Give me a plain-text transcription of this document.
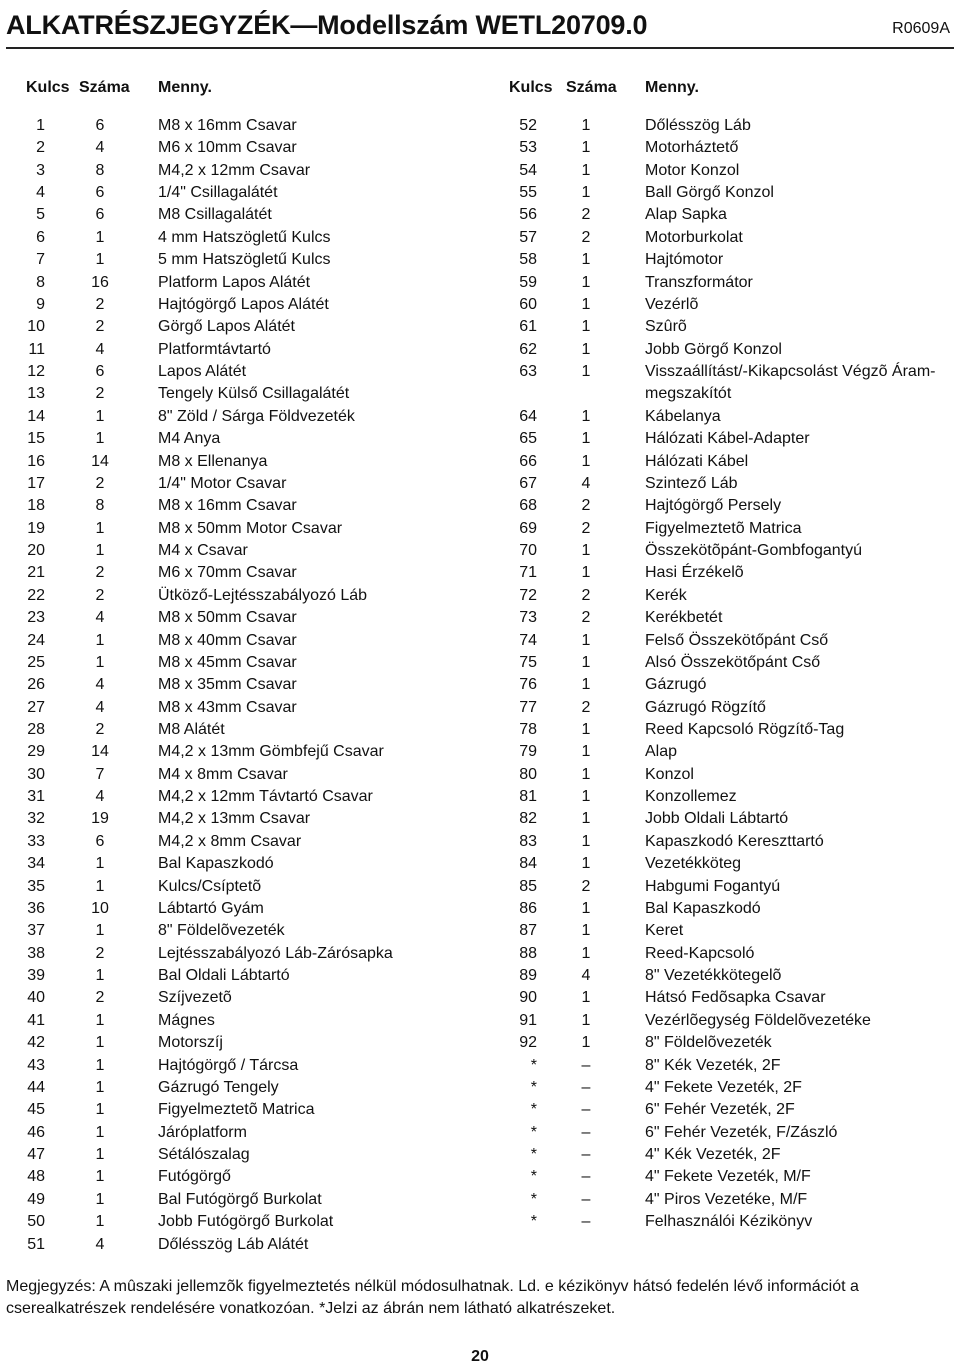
ALKATRÉSZJEGYZÉK—Modellszám WETL20709.0	R0609A
Kulcs Száma Menny.	Kulcs Száma Menny.
1	6	M8 x 16mm Csavar
2	4	M6 x 10mm Csavar
3	8	M4,2 x 12mm Csavar
4	6	1/4" Csillagalátét
5	6	M8 Csillagalátét
6	1	4 mm Hatszögletű Kulcs
7	1	5 mm Hatszögletű Kulcs
8	16	Platform Lapos Alátét
9	2	Hajtógörgő Lapos Alátét
10	2	Görgő Lapos Alátét
11	4	Platformtávtartó
12	6	Lapos Alátét
13	2	Tengely Külső Csillagalátét
14	1	8" Zöld / Sárga Földvezeték
15	1	M4 Anya
16	14	M8 x Ellenanya
17	2	1/4" Motor Csavar
18	8	M8 x 16mm Csavar
19	1	M8 x 50mm Motor Csavar
20	1	M4 x Csavar
21	2	M6 x 70mm Csavar
22	2	Ütköző-Lejtésszabályozó Láb
23	4	M8 x 50mm Csavar
24	1	M8 x 40mm Csavar
25	1	M8 x 45mm Csavar
26	4	M8 x 35mm Csavar
27	4	M8 x 43mm Csavar
28	2	M8 Alátét
29	14	M4,2 x 13mm Gömbfejű Csavar
30	7	M4 x 8mm Csavar
31	4	M4,2 x 12mm Távtartó Csavar
32	19	M4,2 x 13mm Csavar
33	6	M4,2 x 8mm Csavar
34	1	Bal Kapaszkodó
35	1	Kulcs/Csíptetõ
36	10	Lábtartó Gyám
37	1	8" Földelõvezeték
38	2	Lejtésszabályozó Láb-Zárósapka
39	1	Bal Oldali Lábtartó
40	2	Szíjvezetõ
41	1	Mágnes
42	1	Motorszíj
43	1	Hajtógörgő / Tárcsa
44	1	Gázrugó Tengely
45	1	Figyelmeztetõ Matrica
46	1	Járóplatform
47	1	Sétálószalag
48	1	Futógörgő
49	1	Bal Futógörgő Burkolat
50	1	Jobb Futógörgő Burkolat
51	4	Dőlésszög Láb Alátét
52	1	Dőlésszög Láb
53	1	Motorháztető
54	1	Motor Konzol
55	1	Ball Görgő Konzol
56	2	Alap Sapka
57	2	Motorburkolat
58	1	Hajtómotor
59	1	Transzformátor
60	1	Vezérlõ
61	1	Szûrõ
62	1	Jobb Görgő Konzol
63	1	Visszaállítást/-Kikapcsolást Végzõ Áram-
megszakítót
64	1	Kábelanya
65	1	Hálózati Kábel-Adapter
66	1	Hálózati Kábel
67	4	Szintező Láb
68	2	Hajtógörgő Persely
69	2	Figyelmeztetõ Matrica
70	1	Összekötõpánt-Gombfogantyú
71	1	Hasi Érzékelõ
72	2	Kerék
73	2	Kerékbetét
74	1	Felső Összekötőpánt Cső
75	1	Alsó Összekötőpánt Cső
76	1	Gázrugó
77	2	Gázrugó Rögzítő
78	1	Reed Kapcsoló Rögzítő-Tag
79	1	Alap
80	1	Konzol
81	1	Konzollemez
82	1	Jobb Oldali Lábtartó
83	1	Kapaszkodó Kereszttartó
84	1	Vezetékköteg
85	2	Habgumi Fogantyú
86	1	Bal Kapaszkodó
87	1	Keret
88	1	Reed-Kapcsoló
89	4	8" Vezetékkötegelõ
90	1	Hátsó Fedõsapka Csavar
91	1	Vezérlõegység Földelõvezetéke
92	1	8" Földelõvezeték
*	–	8" Kék Vezeték, 2F
*	–	4" Fekete Vezeték, 2F
*	–	6" Fehér Vezeték, 2F
*	–	6" Fehér Vezeték, F/Zászló
*	–	4" Kék Vezeték, 2F
*	–	4" Fekete Vezeték, M/F
*	–	4" Piros Vezetéke, M/F
*	–	Felhasználói Kézikönyv
Megjegyzés: A mûszaki jellemzõk figyelmeztetés nélkül módosulhatnak. Ld. e kézikönyv hátsó fedelén lévő információt a cserealkatrészek rendelésére vonatkozóan. *Jelzi az ábrán nem látható alkatrészeket.
20
